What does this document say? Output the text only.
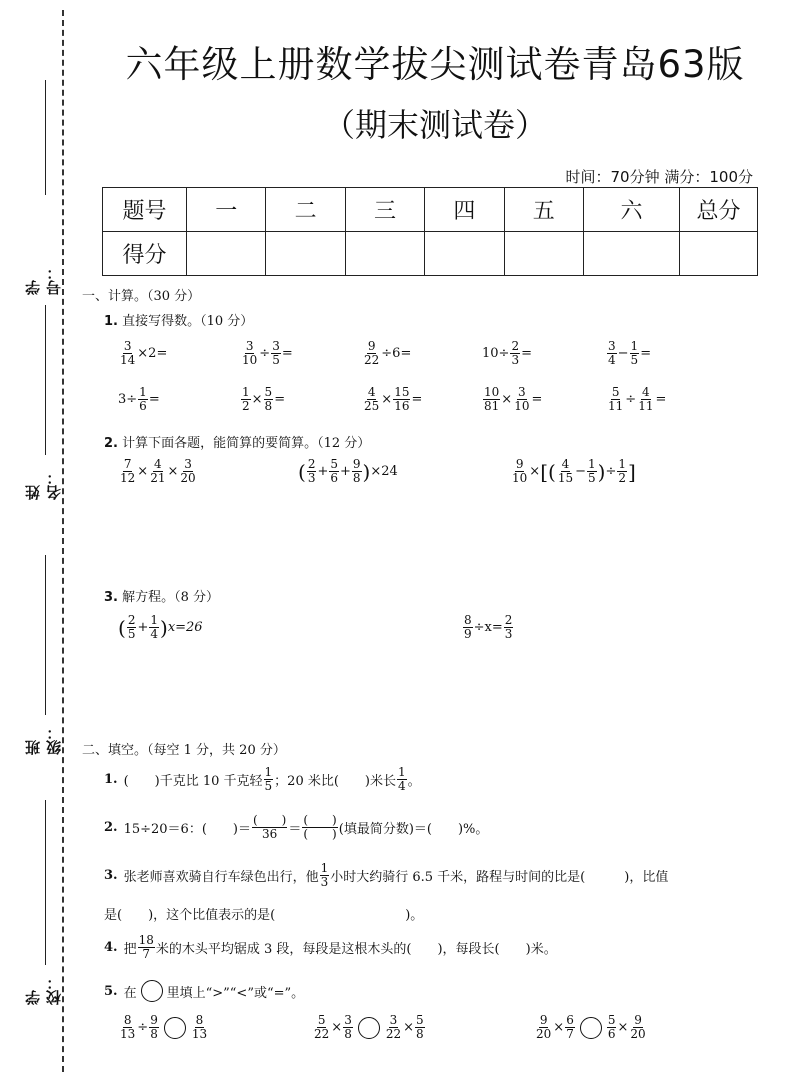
学号：
姓名：
班级：
学校：
六年级上册数学拔尖测试卷青岛63版
（期末测试卷）
时间：70分钟 满分：100分
题号	一	二	三	四	五	六	总分
得分							
一、计算。（30 分）
1. 直接写得数。（10 分）
$\frac{3}{14} \times 2=$	$\frac{3}{10} \div \frac{3}{5}$ =	$\frac{9}{22} \div 6=$	$10\div \frac{2}{3}$ =	$\frac{3}{4} - \frac{1}{5}$ =
$3\div \frac{1}{6}$ =	$\frac{1}{2} \times \frac{5}{8}$ =	$\frac{4}{25} \times \frac{15}{16}$ =	$\frac{10}{81} \times \frac{3}{10}$ =	$\frac{5}{11} \div \frac{4}{11}$ =
2. 计算下面各题，能简算的要简算。（12 分）
$\frac{7}{12} \times \frac{4}{21} \times \frac{3}{20}$	( $\frac{2}{3} + \frac{5}{6} + \frac{9}{8}$ ) ×24	$\frac{9}{10}$ × [ ( $\frac{4}{15} - \frac{1}{5}$ ) ÷ $\frac{1}{2}$ ]
3. 解方程。（8 分）
( $\frac{2}{5} + \frac{1}{4}$ ) x=26	$\frac{8}{9} \div x= \frac{2}{3}$
二、填空。（每空 1 分，共 20 分）
1. (　　)千克比 10 千克轻 $\frac{1}{5}$ ；20 米比(　　)米长 $\frac{1}{4}$ 。
2. 15÷20＝6：(　　)＝
(　　)
36 ＝
(　　)
(　　) (填最简分数)＝(　　)%。
3. 张老师喜欢骑自行车绿色出行，他 $\frac{1}{3}$ 小时大约骑行 6.5 千米，路程与时间的比是(　　　)，比值
是(　　)，这个比值表示的是(　　　　　　　　　　)。
4. 把 $\frac{18}{7}$ 米的木头平均锯成 3 段，每段是这根木头的(　　)，每段长(　　)米。
5. 在 里填上“>”“<”或“=”。
$\frac{8}{13} \div \frac{9}{8}$	$\frac{8}{13}$	$\frac{5}{22} \times \frac{3}{8}$	$\frac{3}{22} \times \frac{5}{8}$	$\frac{9}{20} \times \frac{6}{7}$	$\frac{5}{6} \times \frac{9}{20}$
